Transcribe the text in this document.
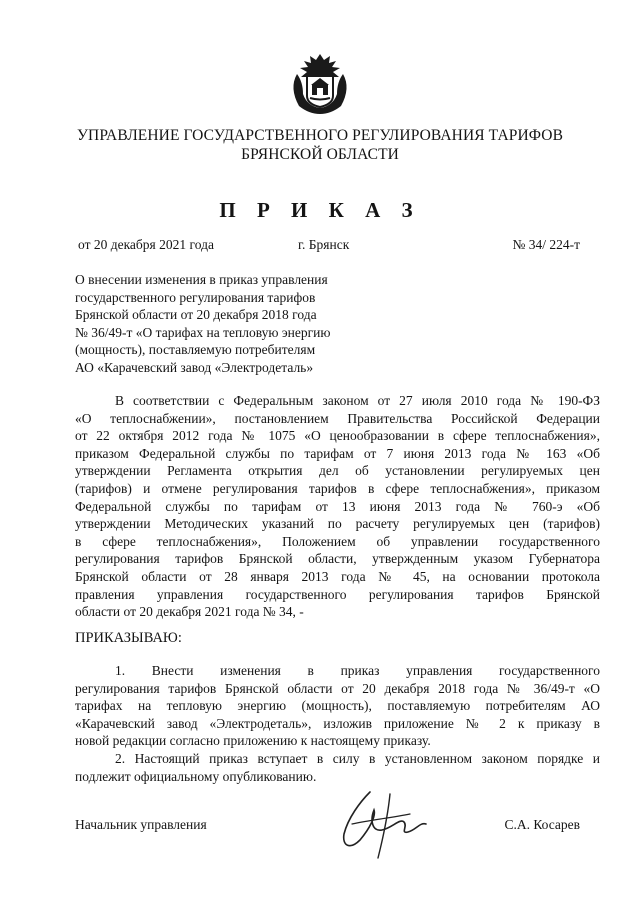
УПРАВЛЕНИЕ ГОСУДАРСТВЕННОГО РЕГУЛИРОВАНИЯ ТАРИФОВ
БРЯНСКОЙ ОБЛАСТИ
П Р И К А З
от 20 декабря 2021 года	г. Брянск	№ 34/ 224-т
О внесении изменения в приказ управления
государственного регулирования тарифов
Брянской области от 20 декабря 2018 года
№ 36/49-т «О тарифах на тепловую энергию
(мощность), поставляемую потребителям
АО «Карачевский завод «Электродеталь»
В соответствии с Федеральным законом от 27 июля 2010 года № 190-ФЗ
«О теплоснабжении», постановлением Правительства Российской Федерации
от 22 октября 2012 года № 1075 «О ценообразовании в сфере теплоснабжения»,
приказом Федеральной службы по тарифам от 7 июня 2013 года № 163 «Об
утверждении Регламента открытия дел об установлении регулируемых цен
(тарифов) и отмене регулирования тарифов в сфере теплоснабжения», приказом
Федеральной службы по тарифам от 13 июня 2013 года № 760-э «Об
утверждении Методических указаний по расчету регулируемых цен (тарифов)
в сфере теплоснабжения», Положением об управлении государственного
регулирования тарифов Брянской области, утвержденным указом Губернатора
Брянской области от 28 января 2013 года № 45, на основании протокола
правления управления государственного регулирования тарифов Брянской
области от 20 декабря 2021 года № 34, -
ПРИКАЗЫВАЮ:
1. Внести изменения в приказ управления государственного
регулирования тарифов Брянской области от 20 декабря 2018 года № 36/49-т «О
тарифах на тепловую энергию (мощность), поставляемую потребителям АО
«Карачевский завод «Электродеталь», изложив приложение № 2 к приказу в
новой редакции согласно приложению к настоящему приказу.
2. Настоящий приказ вступает в силу в установленном законом порядке и
подлежит официальному опубликованию.
Начальник управления	С.А. Косарев
